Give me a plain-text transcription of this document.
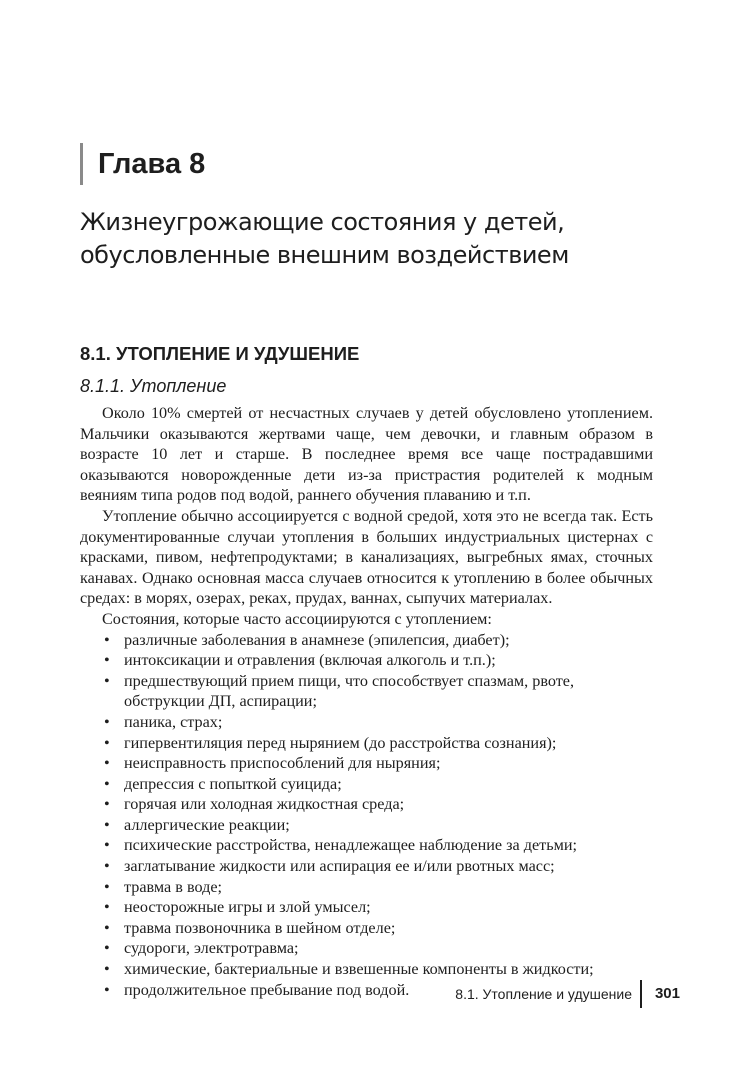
Глава 8
Жизнеугрожающие состояния у детей,
обусловленные внешним воздействием
8.1. УТОПЛЕНИЕ И УДУШЕНИЕ
8.1.1. Утопление

Около 10% смертей от несчастных случаев у детей обусловлено утоплением. Мальчики оказываются жертвами чаще, чем девочки, и главным образом в возрасте 10 лет и старше. В последнее время все чаще пострадавшими оказываются новорожденные дети из-за пристрастия родителей к модным веяниям типа родов под водой, раннего обучения плаванию и т.п.

Утопление обычно ассоциируется с водной средой, хотя это не всегда так. Есть документированные случаи утопления в больших индустриальных цистернах с красками, пивом, нефтепродуктами; в канализациях, выгребных ямах, сточных канавах. Однако основная масса случаев относится к утоплению в более обычных средах: в морях, озерах, реках, прудах, ваннах, сыпучих материалах.

Состояния, которые часто ассоциируются с утоплением:

• различные заболевания в анамнезе (эпилепсия, диабет);
• интоксикации и отравления (включая алкоголь и т.п.);
• предшествующий прием пищи, что способствует спазмам, рвоте, обструкции ДП, аспирации;
• паника, страх;
• гипервентиляция перед нырянием (до расстройства сознания);
• неисправность приспособлений для ныряния;
• депрессия с попыткой суицида;
• горячая или холодная жидкостная среда;
• аллергические реакции;
• психические расстройства, ненадлежащее наблюдение за детьми;
• заглатывание жидкости или аспирация ее и/или рвотных масс;
• травма в воде;
• неосторожные игры и злой умысел;
• травма позвоночника в шейном отделе;
• судороги, электротравма;
• химические, бактериальные и взвешенные компоненты в жидкости;
• продолжительное пребывание под водой.	8.1. Утопление и удушение 301
